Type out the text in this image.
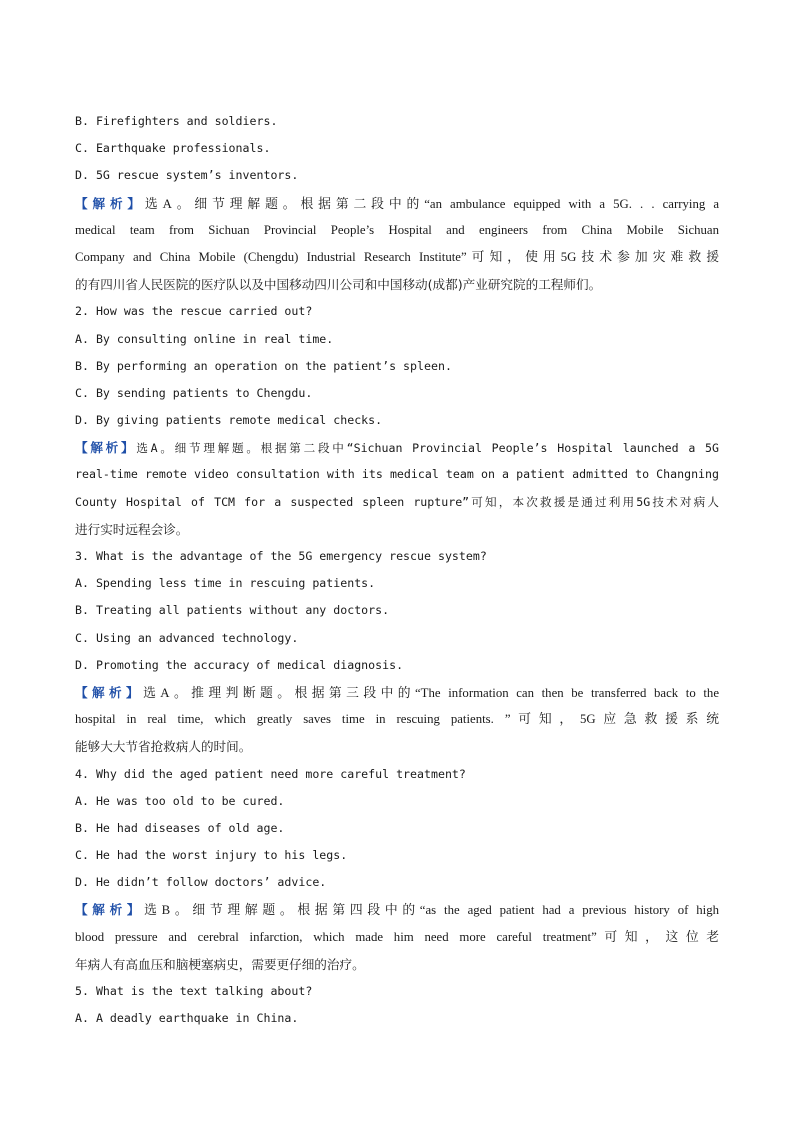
B. Firefighters and soldiers.
C. Earthquake professionals.
D. 5G rescue system’s inventors.
【解析】选A。细节理解题。根据第二段中的“an ambulance equipped with a 5G. . . carrying a
medical team from Sichuan Provincial People’s Hospital and engineers from China Mobile Sichuan
Company and China Mobile (Chengdu) Industrial Research Institute”可知，使用5G技术参加灾难救援
的有四川省人民医院的医疗队以及中国移动四川公司和中国移动(成都)产业研究院的工程师们。
2. How was the rescue carried out?
A. By consulting online in real time.
B. By performing an operation on the patient’s spleen.
C. By sending patients to Chengdu.
D. By giving patients remote medical checks.
【解析】选A。细节理解题。根据第二段中“Sichuan Provincial People’s Hospital launched a 5G
real-time remote video consultation with its medical team on a patient admitted to Changning
County Hospital of TCM for a suspected spleen rupture”可知，本次救援是通过利用5G技术对病人
进行实时远程会诊。
3. What is the advantage of the 5G emergency rescue system?
A. Spending less time in rescuing patients.
B. Treating all patients without any doctors.
C. Using an advanced technology.
D. Promoting the accuracy of medical diagnosis.
【解析】选A。推理判断题。根据第三段中的“The information can then be transferred back to the
hospital in real time, which greatly saves time in rescuing patients. ”可知，5G应急救援系统
能够大大节省抢救病人的时间。
4. Why did the aged patient need more careful treatment?
A. He was too old to be cured.
B. He had diseases of old age.
C. He had the worst injury to his legs.
D. He didn’t follow doctors’ advice.
【解析】选B。细节理解题。根据第四段中的“as the aged patient had a previous history of high
blood pressure and cerebral infarction, which made him need more careful treatment”可知，这位老
年病人有高血压和脑梗塞病史，需要更仔细的治疗。
5. What is the text talking about?
A. A deadly earthquake in China.
